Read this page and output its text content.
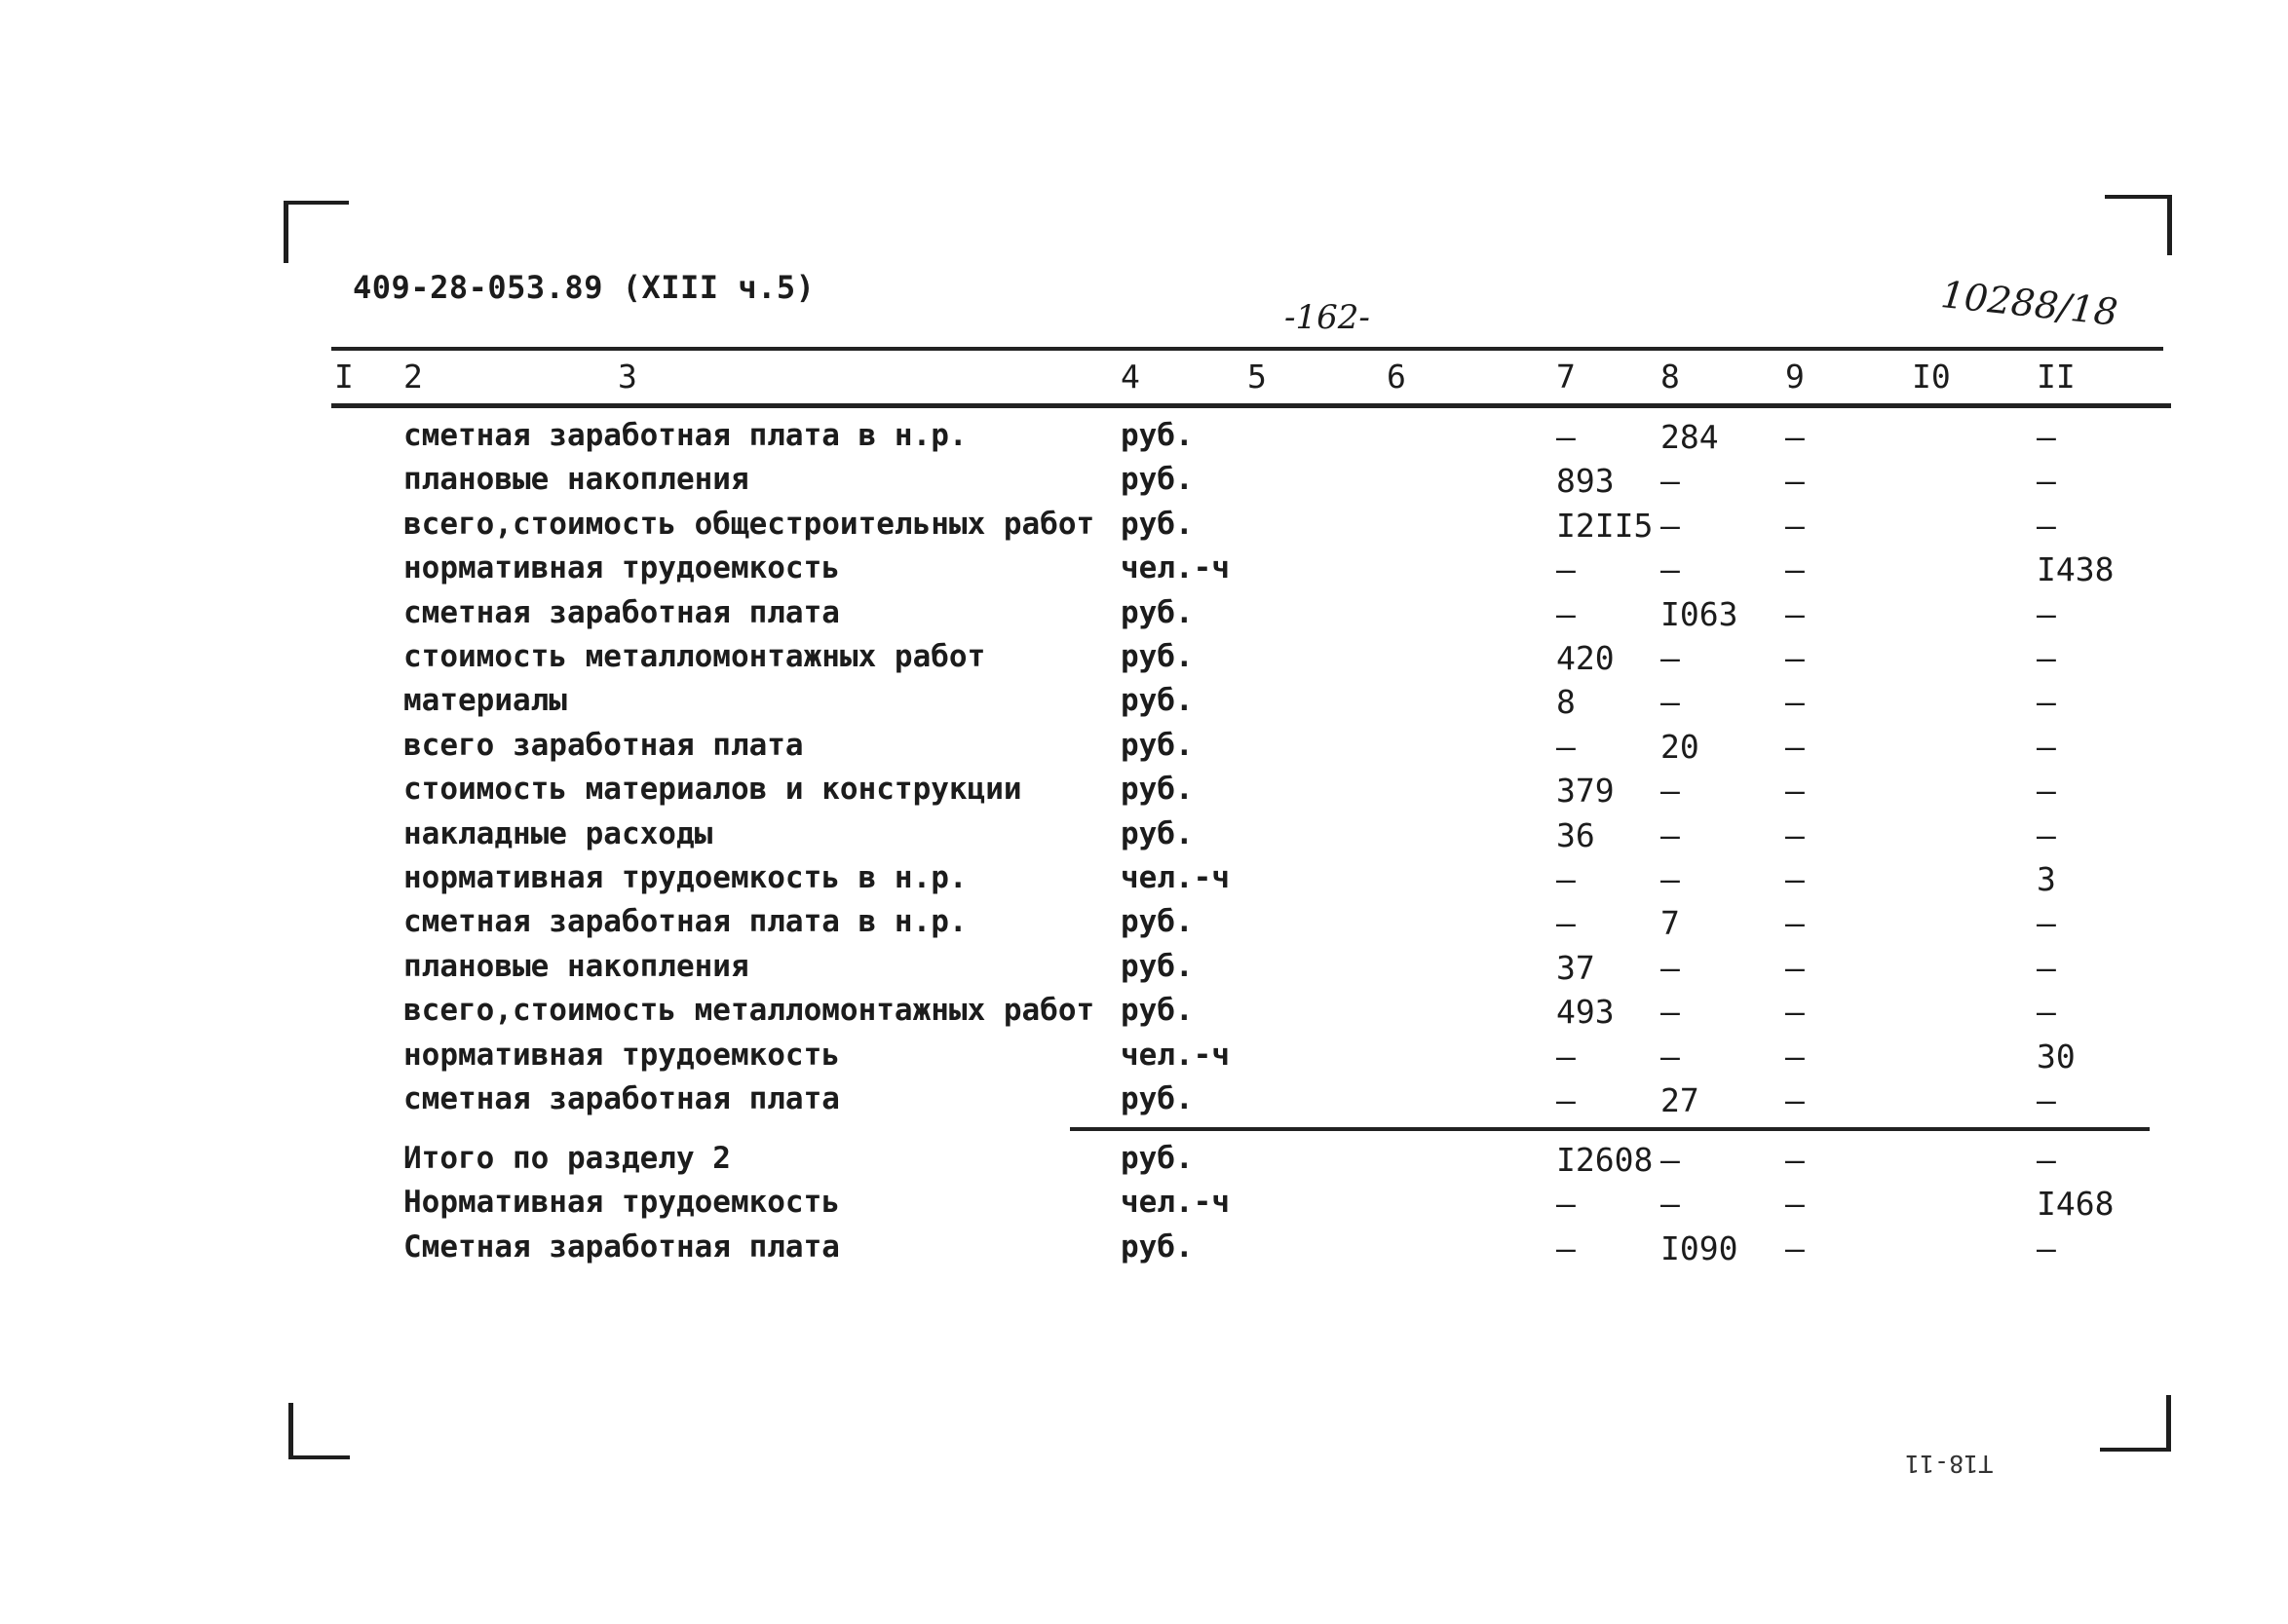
409-28-053.89 (XIII ч.5)
-162-	10288/18
I 2	3	4	5	6	7	8	9	I0	II
сметная заработная плата в н.р.	руб.	–	284 –	–
плановые накопления	руб.	893 –	–	–
всего,стоимость общестроительных работ руб.	I2II5 –	–	–
нормативная трудоемкость	чел.-ч	–	–	–	I438
сметная заработная плата	руб.	–	I063 –	–
стоимость металломонтажных работ	руб.	420 –	–	–
материалы	руб.	8	–	–	–
всего заработная плата	руб.	–	20	–	–
стоимость материалов и конструкции	руб.	379 –	–	–
накладные расходы	руб.	36 –	–	–
нормативная трудоемкость в н.р.	чел.-ч	–	–	–	3
сметная заработная плата в н.р.	руб.	–	7	–	–
плановые накопления	руб.	37 –	–	–
всего,стоимость металломонтажных работ руб.	493 –	–	–
нормативная трудоемкость	чел.-ч	–	–	–	30
сметная заработная плата	руб.	–	27	–	–
Итого по разделу 2	руб.	I2608 –	–	–
Нормативная трудоемкость	чел.-ч	–	–	–	I468
Сметная заработная плата	руб.	–	I090 –	–
T18-11
